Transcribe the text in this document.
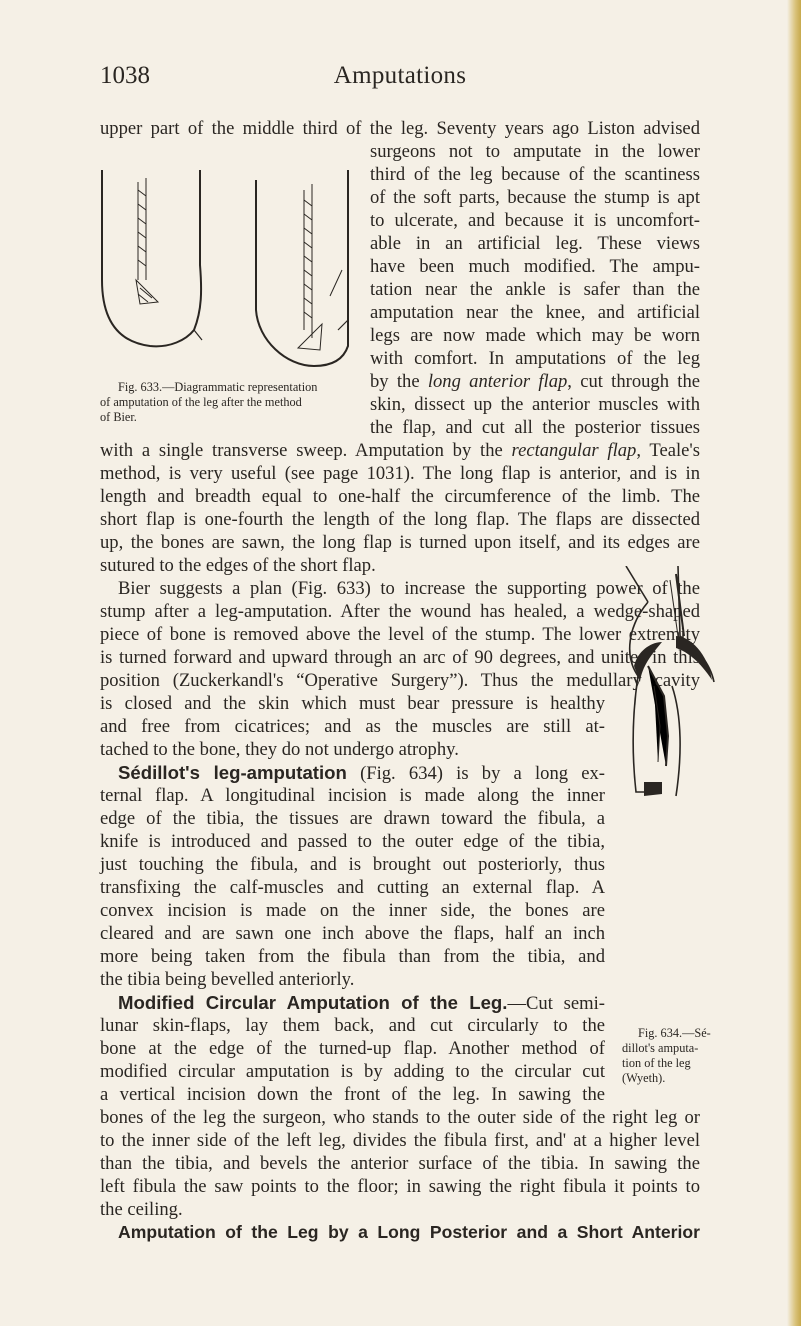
1038	Amputations
upper part of the middle third of the leg. Seventy years ago Liston advised
surgeons not to amputate in the lower
third of the leg because of the scantiness
of the soft parts, because the stump is apt
to ulcerate, and because it is uncomfort-
able in an artificial leg. These views
have been much modified. The ampu-
tation near the ankle is safer than the
amputation near the knee, and artificial
legs are now made which may be worn
with comfort. In amputations of the leg
by the long anterior flap, cut through the
skin, dissect up the anterior muscles with
the flap, and cut all the posterior tissues
with a single transverse sweep. Amputation by the rectangular flap, Teale's
method, is very useful (see page 1031). The long flap is anterior, and is in
length and breadth equal to one-half the circumference of the limb. The
short flap is one-fourth the length of the long flap. The flaps are dissected
up, the bones are sawn, the long flap is turned upon itself, and its edges are
sutured to the edges of the short flap.
Bier suggests a plan (Fig. 633) to increase the supporting power of the
stump after a leg-amputation. After the wound has healed, a wedge-shaped
piece of bone is removed above the level of the stump. The lower extremity
is turned forward and upward through an arc of 90 degrees, and unites in this
position (Zuckerkandl's “Operative Surgery”). Thus the medullary cavity
is closed and the skin which must bear pressure is healthy
and free from cicatrices; and as the muscles are still at-
tached to the bone, they do not undergo atrophy.
Sédillot's leg-amputation (Fig. 634) is by a long ex-
ternal flap. A longitudinal incision is made along the inner
edge of the tibia, the tissues are drawn toward the fibula, a
knife is introduced and passed to the outer edge of the tibia,
just touching the fibula, and is brought out posteriorly, thus
transfixing the calf-muscles and cutting an external flap. A
convex incision is made on the inner side, the bones are
cleared and are sawn one inch above the flaps, half an inch
more being taken from the fibula than from the tibia, and
the tibia being bevelled anteriorly.
Modified Circular Amputation of the Leg.—Cut semi-
lunar skin-flaps, lay them back, and cut circularly to the
bone at the edge of the turned-up flap. Another method of
modified circular amputation is by adding to the circular cut
a vertical incision down the front of the leg. In sawing the
bones of the leg the surgeon, who stands to the outer side of the right leg or
to the inner side of the left leg, divides the fibula first, and' at a higher level
than the tibia, and bevels the anterior surface of the tibia. In sawing the
left fibula the saw points to the floor; in sawing the right fibula it points to
the ceiling.
Amputation of the Leg by a Long Posterior and a Short Anterior
Fig. 633.—Diagrammatic representation
of amputation of the leg after the method
of Bier.
Fig. 634.—Sé-
dillot's amputa-
tion of the leg
(Wyeth).
